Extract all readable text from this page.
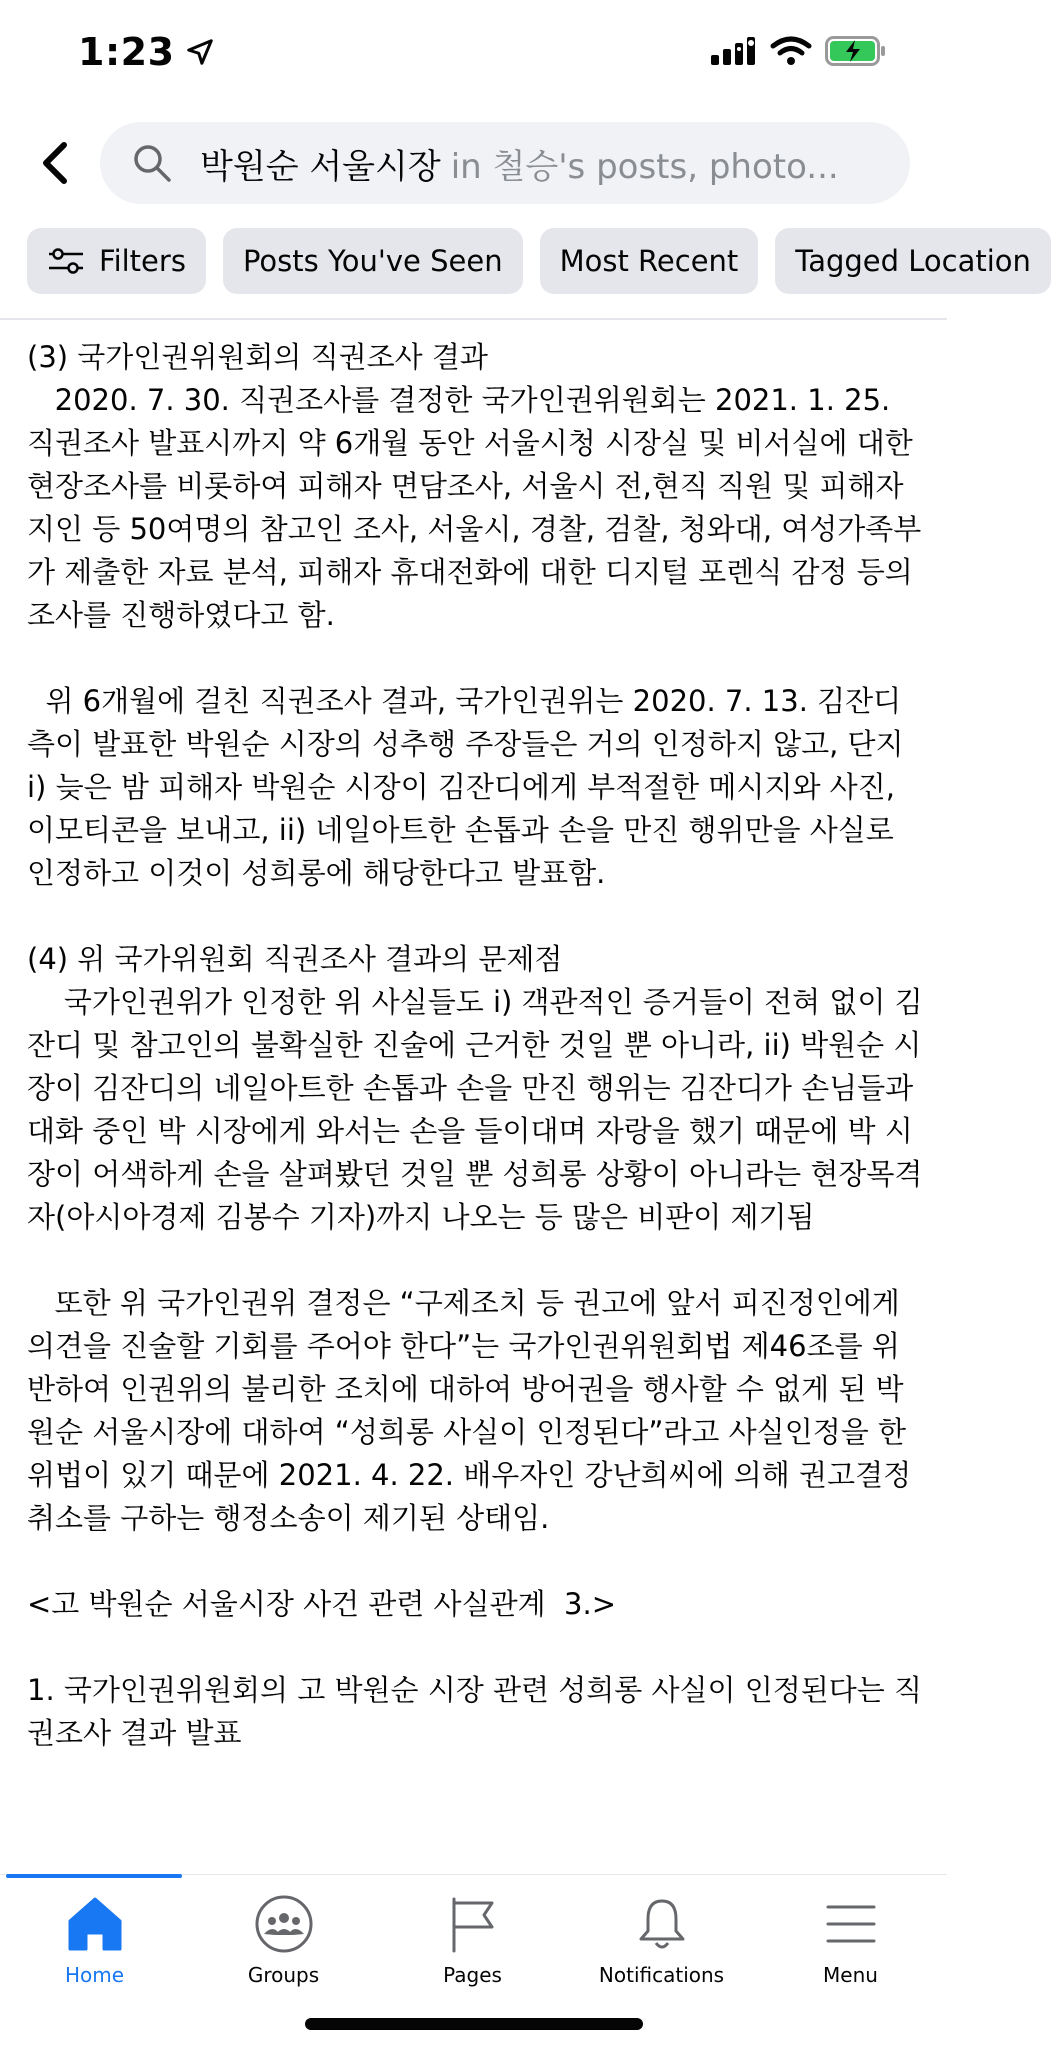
1:23
박원순 서울시장 in 철승's posts, photo...
Filters Posts You've Seen Most Recent Tagged Location

(3) 국가인권위원회의 직권조사 결과
2020. 7. 30. 직권조사를 결정한 국가인권위원회는 2021. 1. 25. 직권조사 발표시까지 약 6개월 동안 서울시청 시장실 및 비서실에 대한 현장조사를 비롯하여 피해자 면담조사, 서울시 전,현직 직원 및 피해자 지인 등 50여명의 참고인 조사, 서울시, 경찰, 검찰, 청와대, 여성가족부가 제출한 자료 분석, 피해자 휴대전화에 대한 디지털 포렌식 감정 등의 조사를 진행하였다고 함.

위 6개월에 걸친 직권조사 결과, 국가인권위는 2020. 7. 13. 김잔디측이 발표한 박원순 시장의 성추행 주장들은 거의 인정하지 않고, 단지 i) 늦은 밤 피해자 박원순 시장이 김잔디에게 부적절한 메시지와 사진, 이모티콘을 보내고, ii) 네일아트한 손톱과 손을 만진 행위만을 사실로 인정하고 이것이 성희롱에 해당한다고 발표함.

(4) 위 국가위원회 직권조사 결과의 문제점
국가인권위가 인정한 위 사실들도 i) 객관적인 증거들이 전혀 없이 김잔디 및 참고인의 불확실한 진술에 근거한 것일 뿐 아니라, ii) 박원순 시장이 김잔디의 네일아트한 손톱과 손을 만진 행위는 김잔디가 손님들과 대화 중인 박 시장에게 와서는 손을 들이대며 자랑을 했기 때문에 박 시장이 어색하게 손을 살펴봤던 것일 뿐 성희롱 상황이 아니라는 현장목격자(아시아경제 김봉수 기자)까지 나오는 등 많은 비판이 제기됨

또한 위 국가인권위 결정은 “구제조치 등 권고에 앞서 피진정인에게 의견을 진술할 기회를 주어야 한다”는 국가인권위원회법 제46조를 위반하여 인권위의 불리한 조치에 대하여 방어권을 행사할 수 없게 된 박원순 서울시장에 대하여 “성희롱 사실이 인정된다”라고 사실인정을 한 위법이 있기 때문에 2021. 4. 22. 배우자인 강난희씨에 의해 권고결정취소를 구하는 행정소송이 제기된 상태임.

<고 박원순 서울시장 사건 관련 사실관계  3.>

1. 국가인권위원회의 고 박원순 시장 관련 성희롱 사실이 인정된다는 직권조사 결과 발표

Home	Groups	Pages	Notifications	Menu
